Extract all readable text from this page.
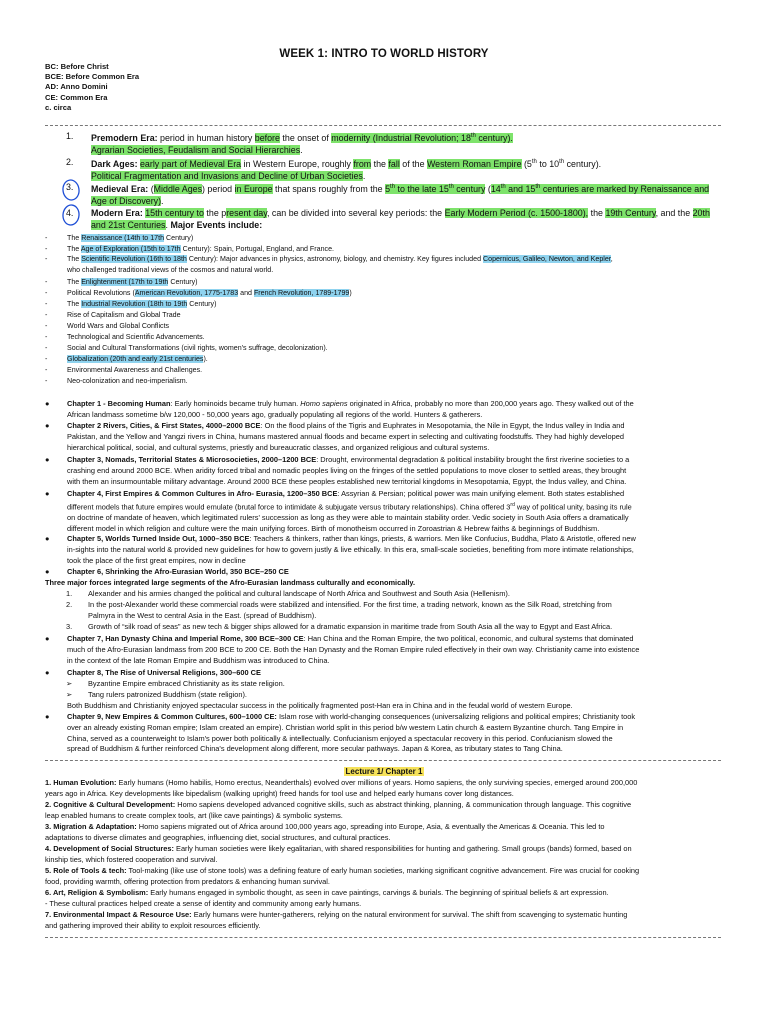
WEEK 1: INTRO TO WORLD HISTORY
BC: Before Christ
BCE: Before Common Era
AD: Anno Domini
CE: Common Era
c. circa
1.	Premodern Era: period in human history before the onset of modernity (Industrial Revolution; 18th century).
Agrarian Societies, Feudalism and Social Hierarchies.
2.	Dark Ages: early part of Medieval Era in Western Europe, roughly from the fall of the Western Roman Empire (5th to 10th century).
Political Fragmentation and Invasions and Decline of Urban Societies.
3.	Medieval Era: (Middle Ages) period in Europe that spans roughly from the 5th to the late 15th century (14th and 15th centuries are marked by Renaissance and Age of Discovery).
4.	Modern Era: 15th century to the present day, can be divided into several key periods: the Early Modern Period (c. 1500-1800), the 19th Century, and the 20th and 21st Centuries. Major Events include:
-	The Renaissance (14th to 17th Century)
-	The Age of Exploration (15th to 17th Century): Spain, Portugal, England, and France.
-	The Scientific Revolution (16th to 18th Century): Major advances in physics, astronomy, biology, and chemistry. Key figures included Copernicus, Galileo, Newton, and Kepler,
who challenged traditional views of the cosmos and natural world.
-	The Enlightenment (17th to 19th Century)
-	Political Revolutions (American Revolution, 1775-1783 and French Revolution, 1789-1799)
-	The Industrial Revolution (18th to 19th Century)
-	Rise of Capitalism and Global Trade
-	World Wars and Global Conflicts
-	Technological and Scientific Advancements.
-	Social and Cultural Transformations (civil rights, women's suffrage, decolonization).
-	Globalization (20th and early 21st centuries).
-	Environmental Awareness and Challenges.
-	Neo-colonization and neo-imperialism.
● Chapter 1 - Becoming Human: Early hominoids became truly human. Homo sapiens originated in Africa, probably no more than 200,000 years ago. Thesy walked out of the
African landmass sometime b/w 120,000 - 50,000 years ago, gradually populating all regions of the world. Hunters & gatherers.
● Chapter 2 Rivers, Cities, & First States, 4000–2000 BCE: On the flood plains of the Tigris and Euphrates in Mesopotamia, the Nile in Egypt, the Indus valley in India and
Pakistan, and the Yellow and Yangzi rivers in China, humans mastered annual floods and became expert in selecting and cultivating foodstuffs. They had highly developed
hierarchical political, social, and cultural systems, priestly and bureaucratic classes, and organized religious and cultural systems.
● Chapter 3, Nomads, Territorial States & Microsocieties, 2000–1200 BCE: Drought, environmental degradation & political instability brought the first riverine societies to a
crashing end around 2000 BCE. When aridity forced tribal and nomadic peoples living on the fringes of the settled populations to move closer to settled areas, they brought
with them an insurmountable military advantage. Around 2000 BCE these peoples established new territorial kingdoms in Mesopotamia, Egypt, the Indus valley, and China.
● Chapter 4, First Empires & Common Cultures in Afro- Eurasia, 1200–350 BCE: Assyrian & Persian; political power was main unifying element. Both states established
different models that future empires would emulate (brutal force to intimidate & subjugate versus tributary relationships). China offered 3rd way of political unity, basing its rule
on doctrine of mandate of heaven, which legitimated rulers' succession as long as they were able to maintain stability order. Vedic society in South Asia offers a dramatically
different model in which religion and culture were the main unifying forces. Birth of monotheism occurred in Zoroastrian & Hebrew faiths & beginnings of Buddhism.
● Chapter 5, Worlds Turned Inside Out, 1000–350 BCE: Teachers & thinkers, rather than kings, priests, & warriors. Men like Confucius, Buddha, Plato & Aristotle, offered new
in-sights into the natural world & provided new guidelines for how to govern justly & live ethically. In this era, small-scale societies, benefiting from more intimate relationships,
took the place of the first great empires, now in decline
● Chapter 6, Shrinking the Afro-Eurasian World, 350 BCE–250 CE
Three major forces integrated large segments of the Afro-Eurasian landmass culturally and economically.
1. Alexander and his armies changed the political and cultural landscape of North Africa and Southwest and South Asia (Hellenism).
2. In the post-Alexander world these commercial roads were stabilized and intensified. For the first time, a trading network, known as the Silk Road, stretching from
Palmyra in the West to central Asia in the East. (spread of Buddhism).
3. Growth of “silk road of seas” as new tech & bigger ships allowed for a dramatic expansion in maritime trade from South Asia all the way to Egypt and East Africa.
● Chapter 7, Han Dynasty China and Imperial Rome, 300 BCE–300 CE: Han China and the Roman Empire, the two political, economic, and cultural systems that dominated
much of the Afro-Eurasian landmass from 200 BCE to 200 CE. Both the Han Dynasty and the Roman Empire ruled effectively in their own way. Christianity came into existence
in the context of the late Roman Empire and Buddhism was introduced to China.
● Chapter 8, The Rise of Universal Religions, 300–600 CE
➢ Byzantine Empire embraced Christianity as its state religion.
➢ Tang rulers patronized Buddhism (state religion).
Both Buddhism and Christianity enjoyed spectacular success in the politically fragmented post-Han era in China and in the feudal world of western Europe.
● Chapter 9, New Empires & Common Cultures, 600–1000 CE: Islam rose with world-changing consequences (universalizing religions and political empires; Christianity took
over an already existing Roman empire; Islam created an empire). Christian world split in this period b/w western Latin church & eastern Byzantine church. Tang Empire in
China, served as a counterweight to Islam's power both politically & intellectually. Confucianism enjoyed a spectacular recovery in this period. Confucianism slowed the
spread of Buddhism & further reinforced China's development along different, more secular pathways. Japan & Korea, as tributary states to Tang China.
Lecture 1/ Chapter 1
1. Human Evolution: Early humans (Homo habilis, Homo erectus, Neanderthals) evolved over millions of years. Homo sapiens, the only surviving species, emerged around 200,000
years ago in Africa. Key developments like bipedalism (walking upright) freed hands for tool use and helped early humans cover long distances.
2. Cognitive & Cultural Development: Homo sapiens developed advanced cognitive skills, such as abstract thinking, planning, & communication through language. This cognitive
leap enabled humans to create complex tools, art (like cave paintings) & symbolic systems.
3. Migration & Adaptation: Homo sapiens migrated out of Africa around 100,000 years ago, spreading into Europe, Asia, & eventually the Americas & Oceania. This led to
adaptations to diverse climates and geographies, influencing diet, social structures, and cultural practices.
4. Development of Social Structures: Early human societies were likely egalitarian, with shared responsibilities for hunting and gathering. Small groups (bands) formed, based on
kinship ties, which fostered cooperation and survival.
5. Role of Tools & tech: Tool-making (like use of stone tools) was a defining feature of early human societies, marking significant cognitive advancement. Fire was crucial for cooking
food, providing warmth, offering protection from predators & enhancing human survival.
6. Art, Religion & Symbolism: Early humans engaged in symbolic thought, as seen in cave paintings, carvings & burials. The beginning of spiritual beliefs & art expression.
- These cultural practices helped create a sense of identity and community among early humans.
7. Environmental Impact & Resource Use: Early humans were hunter-gatherers, relying on the natural environment for survival. The shift from scavenging to systematic hunting
and gathering improved their ability to exploit resources efficiently.
